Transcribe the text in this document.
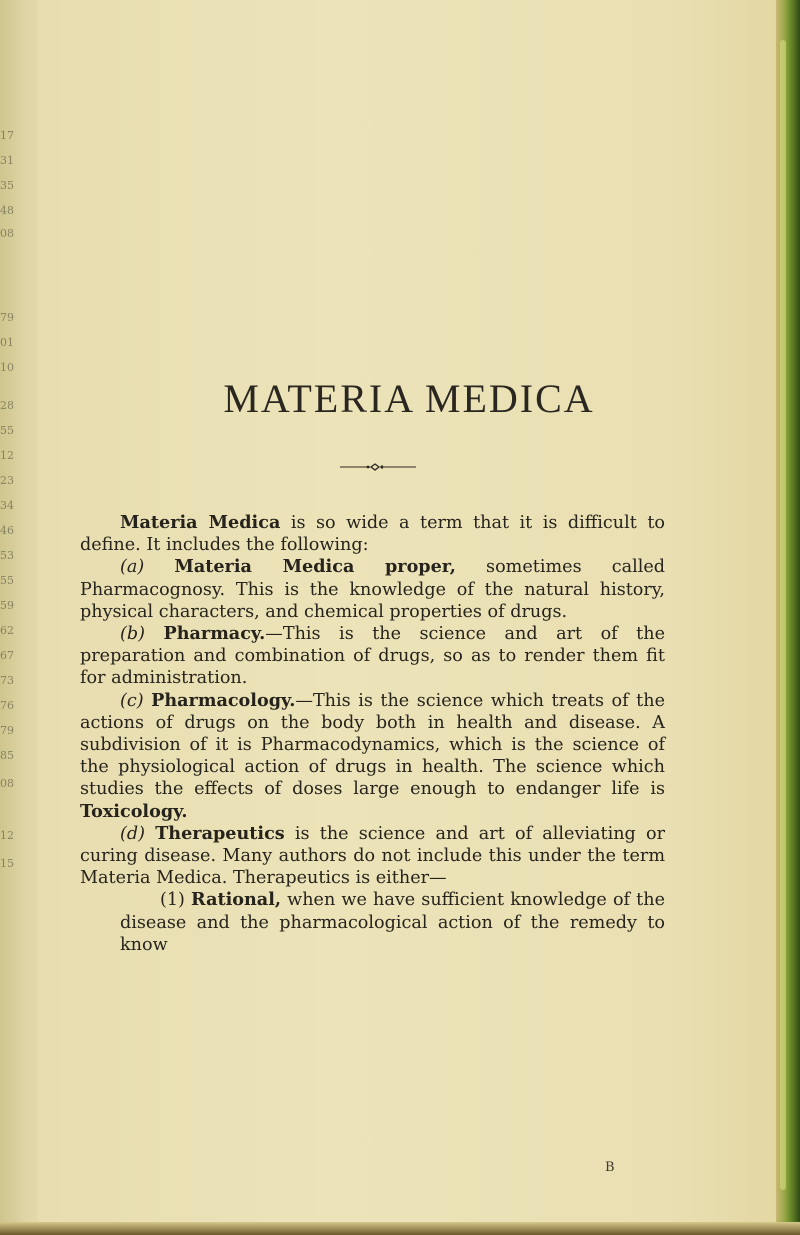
17
31
35
48
08
79
01
10
28
55
12
23
34
46
53
55
59
62
67
73
76
79
85
08
12
15
MATERIA MEDICA

Materia Medica is so wide a term that it is difficult to define. It includes the following:

(a) Materia Medica proper, sometimes called Pharmacognosy. This is the knowledge of the natural history, physical characters, and chemical properties of drugs.

(b) Pharmacy.—This is the science and art of the preparation and combination of drugs, so as to render them fit for administration.

(c) Pharmacology.—This is the science which treats of the actions of drugs on the body both in health and disease. A subdivision of it is Pharmacodynamics, which is the science of the physiological action of drugs in health. The science which studies the effects of doses large enough to endanger life is Toxicology.

(d) Therapeutics is the science and art of alleviating or curing disease. Many authors do not include this under the term Materia Medica. Therapeutics is either—

(1) Rational, when we have sufficient knowledge of the disease and the pharmacological action of the remedy to know

B
